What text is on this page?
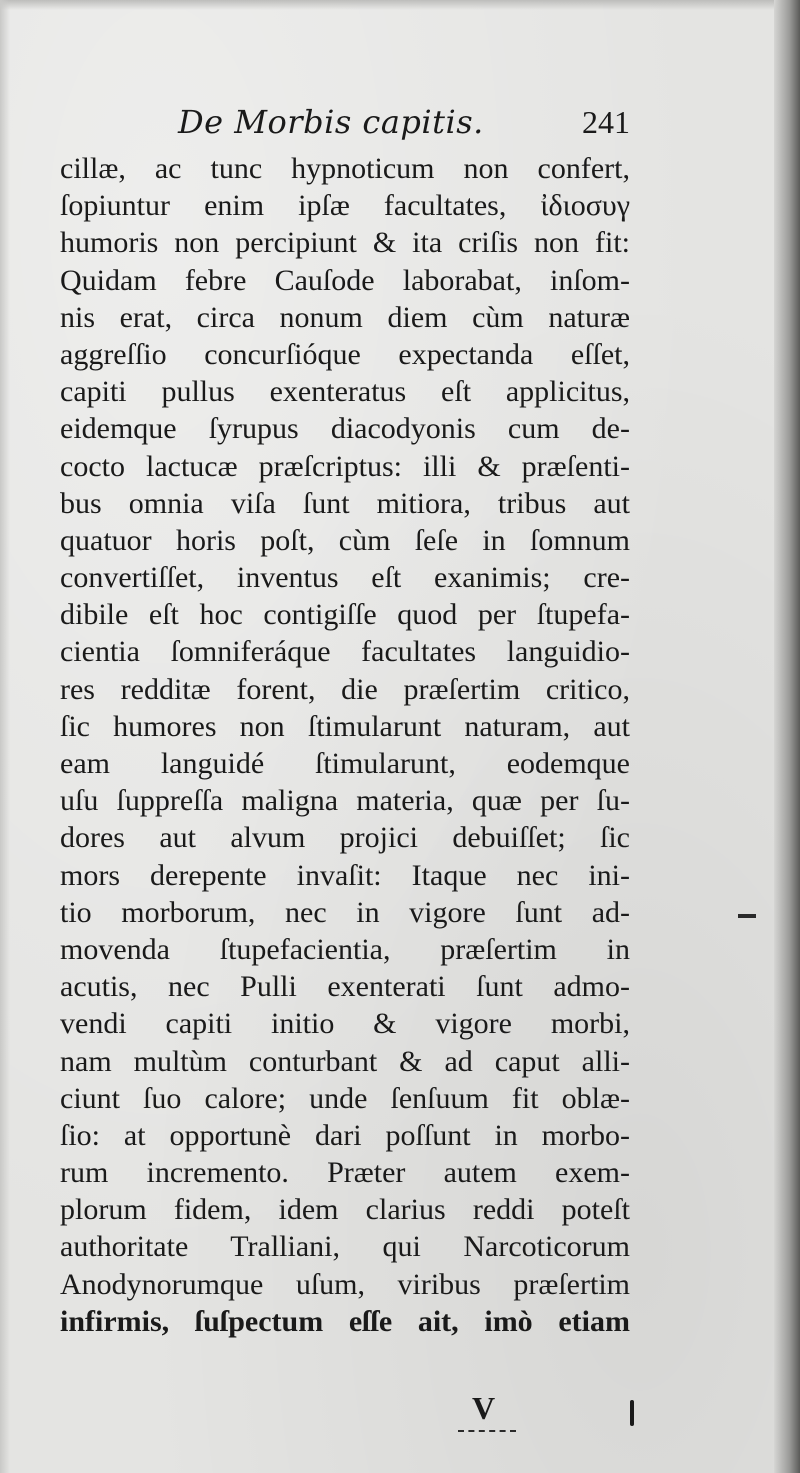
De Morbis capitis.	241
cillæ, ac tunc hypnoticum non confert,
ſopiuntur enim ipſæ facultates, ἰδιοσυγ
humoris non percipiunt & ita criſis non fit:
Quidam febre Cauſode laborabat, inſom-
nis erat, circa nonum diem cùm naturæ
aggreſſio concurſióque expectanda eſſet,
capiti pullus exenteratus eſt applicitus,
eidemque ſyrupus diacodyonis cum de-
cocto lactucæ præſcriptus: illi & præſenti-
bus omnia viſa ſunt mitiora, tribus aut
quatuor horis poſt, cùm ſeſe in ſomnum
convertiſſet, inventus eſt exanimis; cre-
dibile eſt hoc contigiſſe quod per ſtupefa-
cientia ſomniferáque facultates languidio-
res redditæ forent, die præſertim critico,
ſic humores non ſtimularunt naturam, aut
eam languidé ſtimularunt, eodemque
uſu ſuppreſſa maligna materia, quæ per ſu-
dores aut alvum projici debuiſſet; ſic
mors derepente invaſit: Itaque nec ini-
tio morborum, nec in vigore ſunt ad-
movenda ſtupefacientia, præſertim in
acutis, nec Pulli exenterati ſunt admo-
vendi capiti initio & vigore morbi,
nam multùm conturbant & ad caput alli-
ciunt ſuo calore; unde ſenſuum fit oblæ-
ſio: at opportunè dari poſſunt in morbo-
rum incremento. Præter autem exem-
plorum fidem, idem clarius reddi poteſt
authoritate Tralliani, qui Narcoticorum
Anodynorumque uſum, viribus præſertim
infirmis, ſuſpectum eſſe ait, imò etiam
V
